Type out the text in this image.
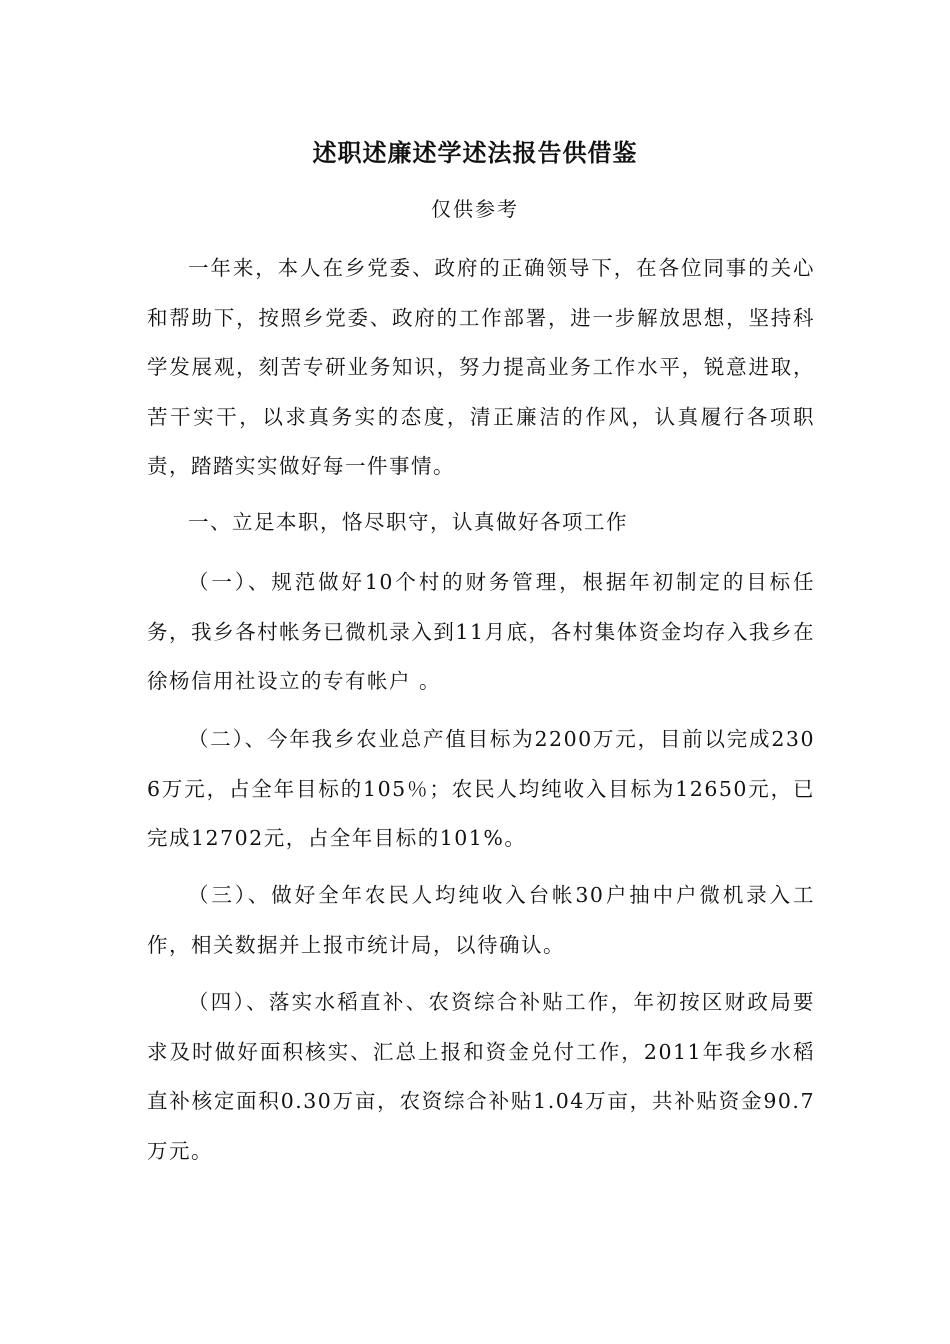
述职述廉述学述法报告供借鉴

仅供参考

一年来，本人在乡党委、政府的正确领导下，在各位同事的关心和帮助下，按照乡党委、政府的工作部署，进一步解放思想，坚持科学发展观，刻苦专研业务知识，努力提高业务工作水平，锐意进取，苦干实干，以求真务实的态度，清正廉洁的作风，认真履行各项职责，踏踏实实做好每一件事情。

一、立足本职，恪尽职守，认真做好各项工作

（一）、规范做好10个村的财务管理，根据年初制定的目标任务，我乡各村帐务已微机录入到11月底，各村集体资金均存入我乡在徐杨信用社设立的专有帐户 。

（二）、今年我乡农业总产值目标为2200万元，目前以完成2306万元，占全年目标的105％；农民人均纯收入目标为12650元，已完成12702元，占全年目标的101%。

（三）、做好全年农民人均纯收入台帐30户抽中户微机录入工作，相关数据并上报市统计局，以待确认。

（四）、落实水稻直补、农资综合补贴工作，年初按区财政局要求及时做好面积核实、汇总上报和资金兑付工作，2011年我乡水稻直补核定面积0.30万亩，农资综合补贴1.04万亩，共补贴资金90.7万元。
